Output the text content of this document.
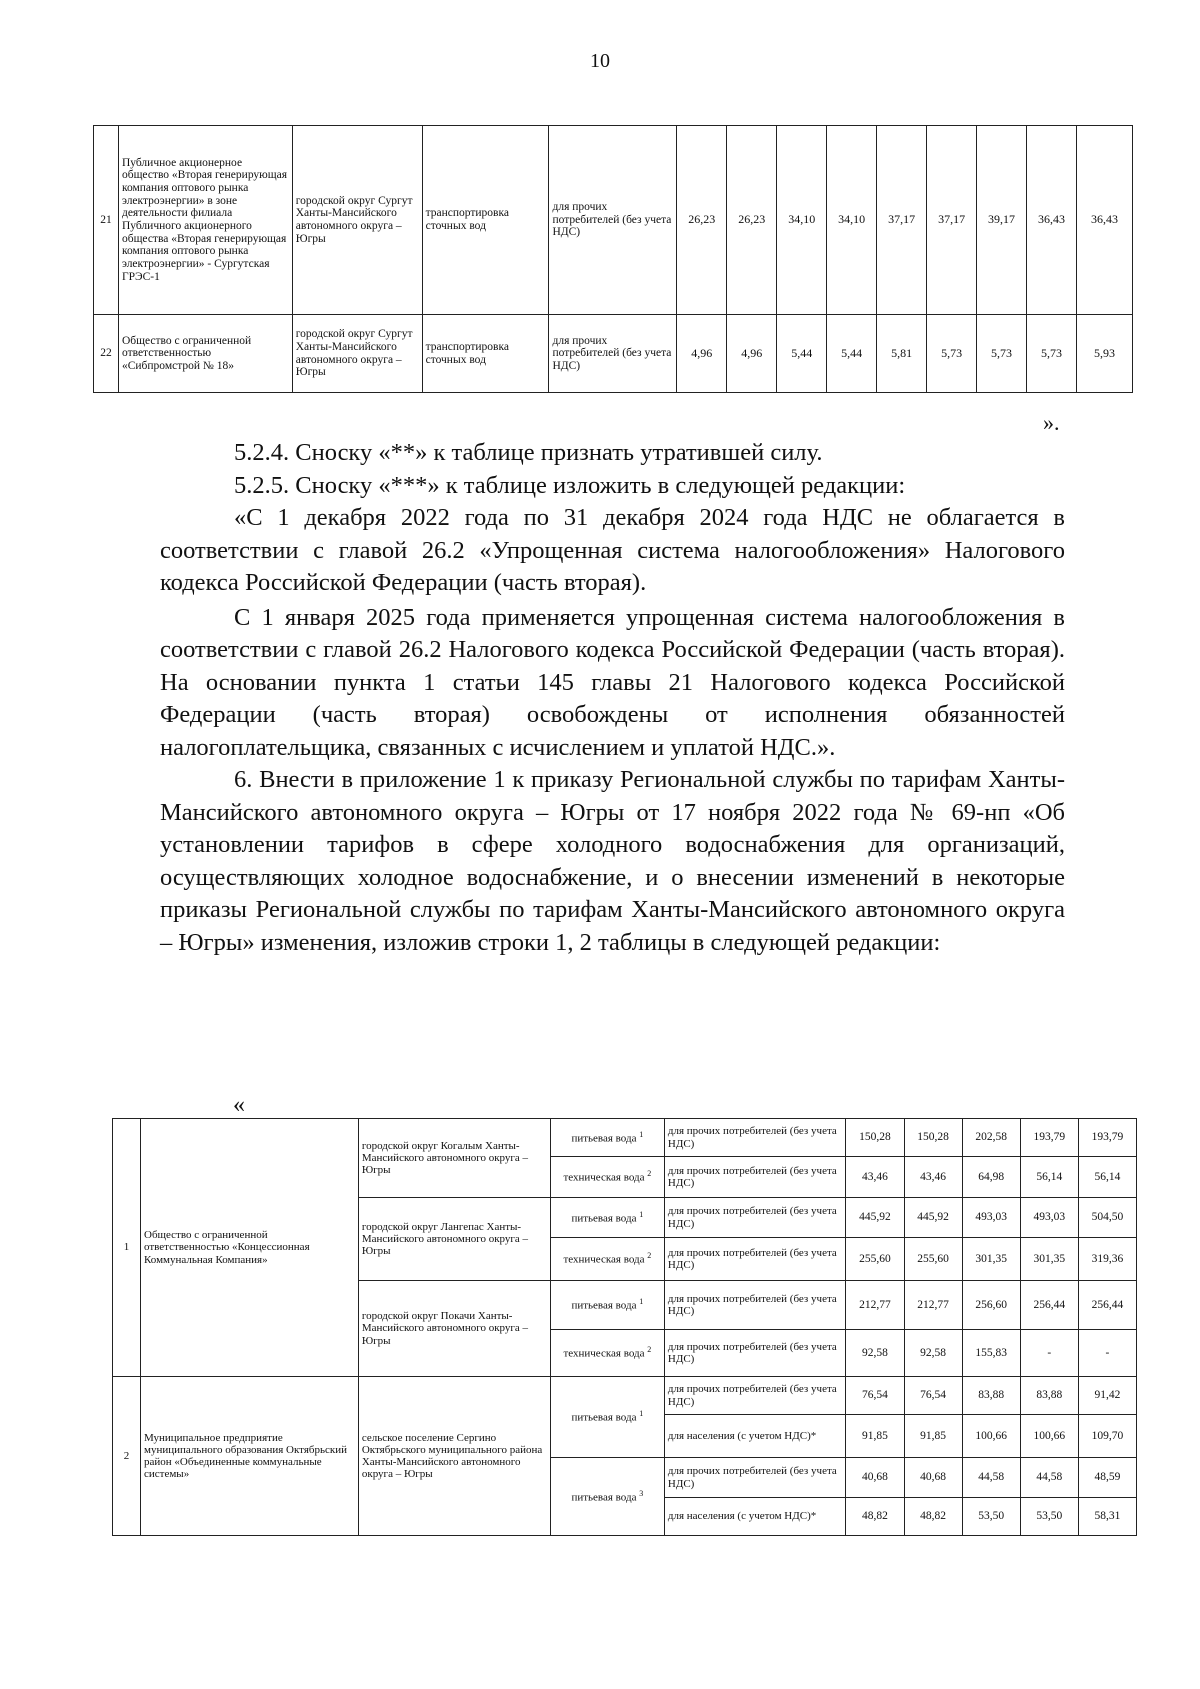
10
21	Публичное акционерное общество «Вторая генерирующая компания оптового рынка электроэнергии» в зоне деятельности филиала Публичного акционерного общества «Вторая генерирующая компания оптового рынка электроэнергии» - Сургутская ГРЭС-1	городской округ Сургут Ханты-Мансийского автономного округа – Югры	транспортировка сточных вод	для прочих потребителей (без учета НДС)	26,23	26,23	34,10	34,10	37,17	37,17	39,17	36,43	36,43
22	Общество с ограниченной ответственностью «Сибпромстрой № 18»	городской округ Сургут Ханты-Мансийского автономного округа – Югры	транспортировка сточных вод	для прочих потребителей (без учета НДС)	4,96	4,96	5,44	5,44	5,81	5,73	5,73	5,73	5,93
».

5.2.4. Сноску «**» к таблице признать утратившей силу.

5.2.5. Сноску «***» к таблице изложить в следующей редакции:

«С 1 декабря 2022 года по 31 декабря 2024 года НДС не облагается в соответствии с главой 26.2 «Упрощенная система налогообложения» Налогового кодекса Российской Федерации (часть вторая).

С 1 января 2025 года применяется упрощенная система налогообложения в соответствии с главой 26.2 Налогового кодекса Российской Федерации (часть вторая). На основании пункта 1 статьи 145 главы 21 Налогового кодекса Российской Федерации (часть вторая) освобождены от исполнения обязанностей налогоплательщика, связанных с исчислением и уплатой НДС.».

6. Внести в приложение 1 к приказу Региональной службы по тарифам Ханты-Мансийского автономного округа – Югры от 17 ноября 2022 года № 69-нп «Об установлении тарифов в сфере холодного водоснабжения для организаций, осуществляющих холодное водоснабжение, и о внесении изменений в некоторые приказы Региональной службы по тарифам Ханты-Мансийского автономного округа – Югры» изменения, изложив строки 1, 2 таблицы в следующей редакции:

«
1	Общество с ограниченной ответственностью «Концессионная Коммунальная Компания»	городской округ Когалым Ханты-Мансийского автономного округа – Югры	питьевая вода $^1$	для прочих потребителей (без учета НДС)	150,28	150,28	202,58	193,79	193,79
			техническая вода $^2$	для прочих потребителей (без учета НДС)	43,46	43,46	64,98	56,14	56,14
		городской округ Лангепас Ханты-Мансийского автономного округа – Югры	питьевая вода $^1$	для прочих потребителей (без учета НДС)	445,92	445,92	493,03	493,03	504,50
			техническая вода $^2$	для прочих потребителей (без учета НДС)	255,60	255,60	301,35	301,35	319,36
		городской округ Покачи Ханты-Мансийского автономного округа – Югры	питьевая вода $^1$	для прочих потребителей (без учета НДС)	212,77	212,77	256,60	256,44	256,44
			техническая вода $^2$	для прочих потребителей (без учета НДС)	92,58	92,58	155,83	-	-
2	Муниципальное предприятие муниципального образования Октябрьский район «Объединенные коммунальные системы»	сельское поселение Сергино Октябрьского муниципального района Ханты-Мансийского автономного округа – Югры	питьевая вода $^1$	для прочих потребителей (без учета НДС)	76,54	76,54	83,88	83,88	91,42
				для населения (с учетом НДС)*	91,85	91,85	100,66	100,66	109,70
			питьевая вода $^3$	для прочих потребителей (без учета НДС)	40,68	40,68	44,58	44,58	48,59
				для населения (с учетом НДС)*	48,82	48,82	53,50	53,50	58,31
